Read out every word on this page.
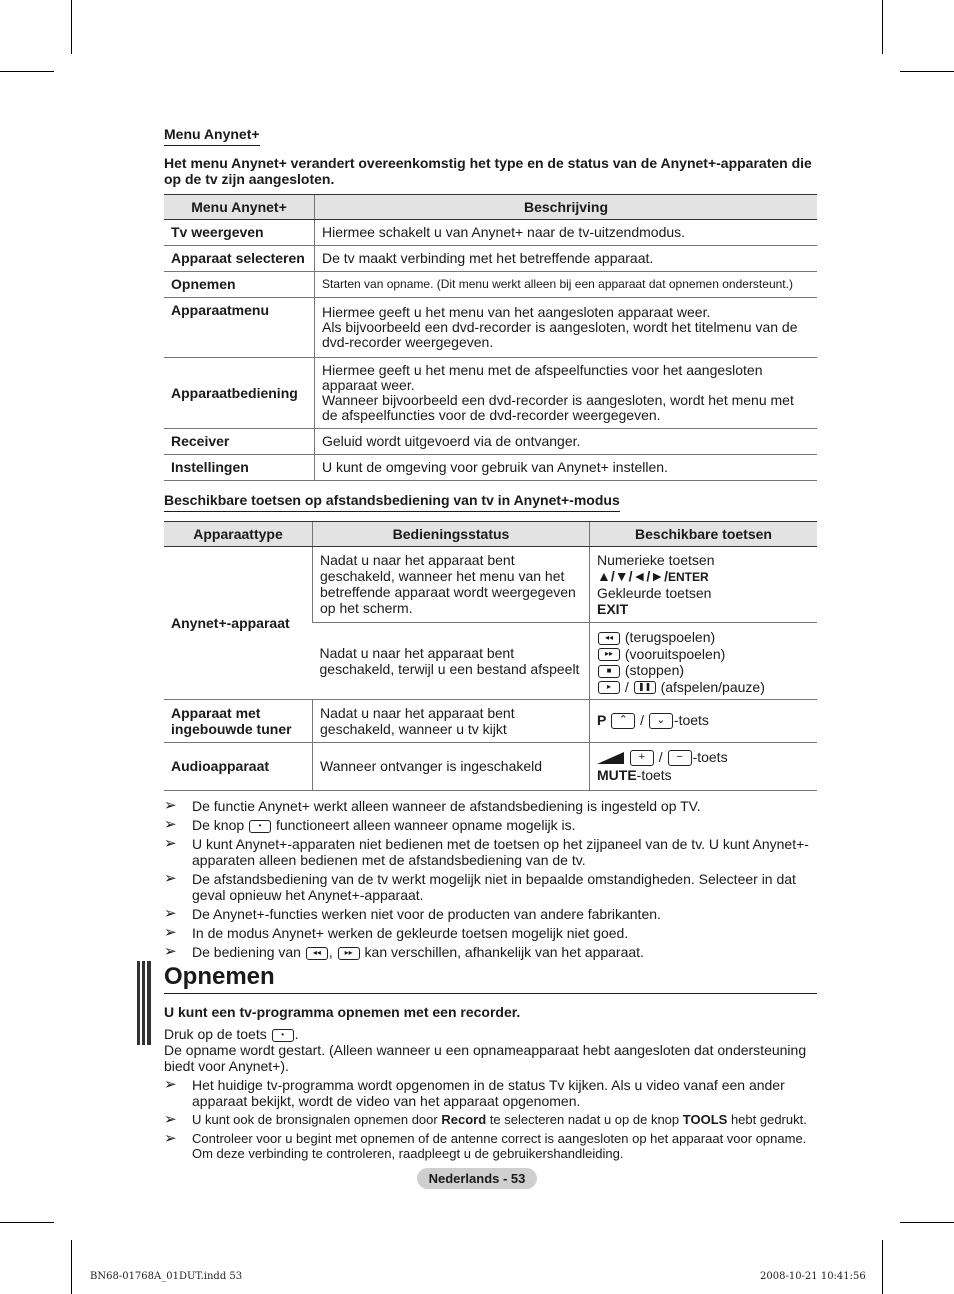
Menu Anynet+
Het menu Anynet+ verandert overeenkomstig het type en de status van de Anynet+-apparaten die op de tv zijn aangesloten.
Menu Anynet+	Beschrijving
Tv weergeven	Hiermee schakelt u van Anynet+ naar de tv-uitzendmodus.
Apparaat selecteren	De tv maakt verbinding met het betreffende apparaat.
Opnemen	Starten van opname. (Dit menu werkt alleen bij een apparaat dat opnemen ondersteunt.)
Apparaatmenu	Hiermee geeft u het menu van het aangesloten apparaat weer.
Als bijvoorbeeld een dvd-recorder is aangesloten, wordt het titelmenu van de dvd-recorder weergegeven.

Apparaatbediening	Hiermee geeft u het menu met de afspeelfuncties voor het aangesloten apparaat weer.
Wanneer bijvoorbeeld een dvd-recorder is aangesloten, wordt het menu met de afspeelfuncties voor de dvd-recorder weergegeven.

Receiver	Geluid wordt uitgevoerd via de ontvanger.
Instellingen	U kunt de omgeving voor gebruik van Anynet+ instellen.
Beschikbare toetsen op afstandsbediening van tv in Anynet+-modus
Apparaattype	Bedieningsstatus	Beschikbare toetsen
Anynet+-apparaat	Nadat u naar het apparaat bent geschakeld, wanneer het menu van het betreffende apparaat wordt weergegeven op het scherm.	Numerieke toetsen
▲/▼/◄/►/ENTER
Gekleurde toetsen
EXIT

	Nadat u naar het apparaat bent geschakeld, terwijl u een bestand afspeelt	◂◂ (terugspoelen)
▸▸ (vooruitspoelen)
■ (stoppen)
▸ / ❚❚ (afspelen/pauze)

Apparaat met ingebouwde tuner	Nadat u naar het apparaat bent geschakeld, wanneer u tv kijkt	P ⌃ / ⌄ -toets
Audioapparaat	Wanneer ontvanger is ingeschakeld	+ / − -toets
MUTE-toets
➢ De functie Anynet+ werkt alleen wanneer de afstandsbediening is ingesteld op TV.
➢ De knop • functioneert alleen wanneer opname mogelijk is.
➢ U kunt Anynet+-apparaten niet bedienen met de toetsen op het zijpaneel van de tv. U kunt Anynet+-apparaten alleen bedienen met de afstandsbediening van de tv.
➢ De afstandsbediening van de tv werkt mogelijk niet in bepaalde omstandigheden. Selecteer in dat geval opnieuw het Anynet+-apparaat.
➢ De Anynet+-functies werken niet voor de producten van andere fabrikanten.
➢ In de modus Anynet+ werken de gekleurde toetsen mogelijk niet goed.
➢ De bediening van ◂◂ , ▸▸ kan verschillen, afhankelijk van het apparaat.
Opnemen
U kunt een tv-programma opnemen met een recorder.
Druk op de toets • .
De opname wordt gestart. (Alleen wanneer u een opnameapparaat hebt aangesloten dat ondersteuning biedt voor Anynet+).
➢ Het huidige tv-programma wordt opgenomen in de status Tv kijken. Als u video vanaf een ander apparaat bekijkt, wordt de video van het apparaat opgenomen.
➢ U kunt ook de bronsignalen opnemen door Record te selecteren nadat u op de knop TOOLS hebt gedrukt.
➢ Controleer voor u begint met opnemen of de antenne correct is aangesloten op het apparaat voor opname. Om deze verbinding te controleren, raadpleegt u de gebruikershandleiding.
Nederlands - 53
BN68-01768A_01DUT.indd 53	2008-10-21 10:41:56
